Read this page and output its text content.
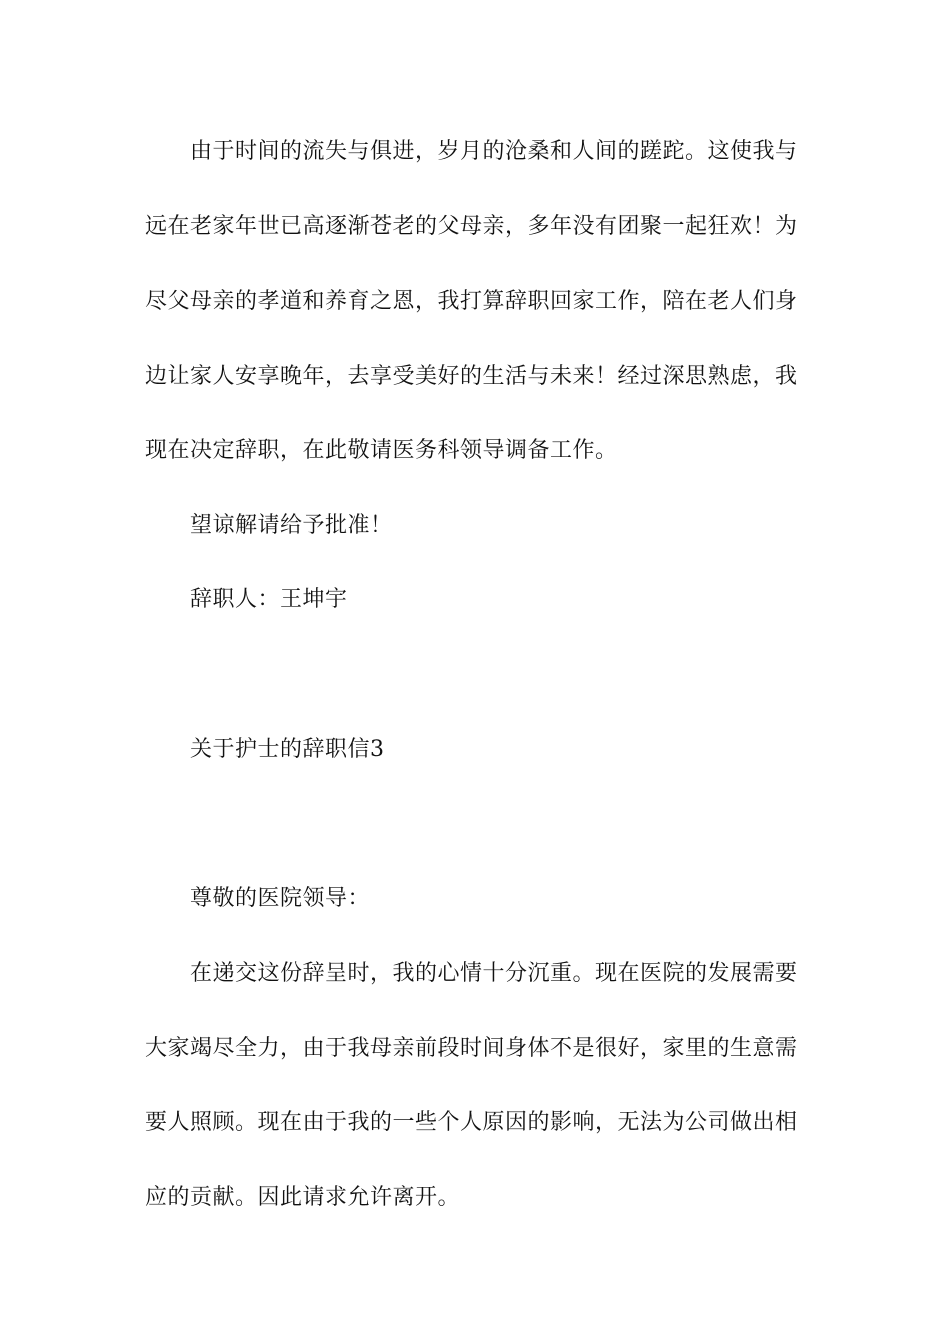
由于时间的流失与俱进，岁月的沧桑和人间的蹉跎。这使我与
远在老家年世已高逐渐苍老的父母亲，多年没有团聚一起狂欢！为
尽父母亲的孝道和养育之恩，我打算辞职回家工作，陪在老人们身
边让家人安享晚年，去享受美好的生活与未来！经过深思熟虑，我
现在决定辞职，在此敬请医务科领导调备工作。
望谅解请给予批准！
辞职人：王坤宇
关于护士的辞职信3
尊敬的医院领导：
在递交这份辞呈时，我的心情十分沉重。现在医院的发展需要
大家竭尽全力，由于我母亲前段时间身体不是很好，家里的生意需
要人照顾。现在由于我的一些个人原因的影响，无法为公司做出相
应的贡献。因此请求允许离开。
